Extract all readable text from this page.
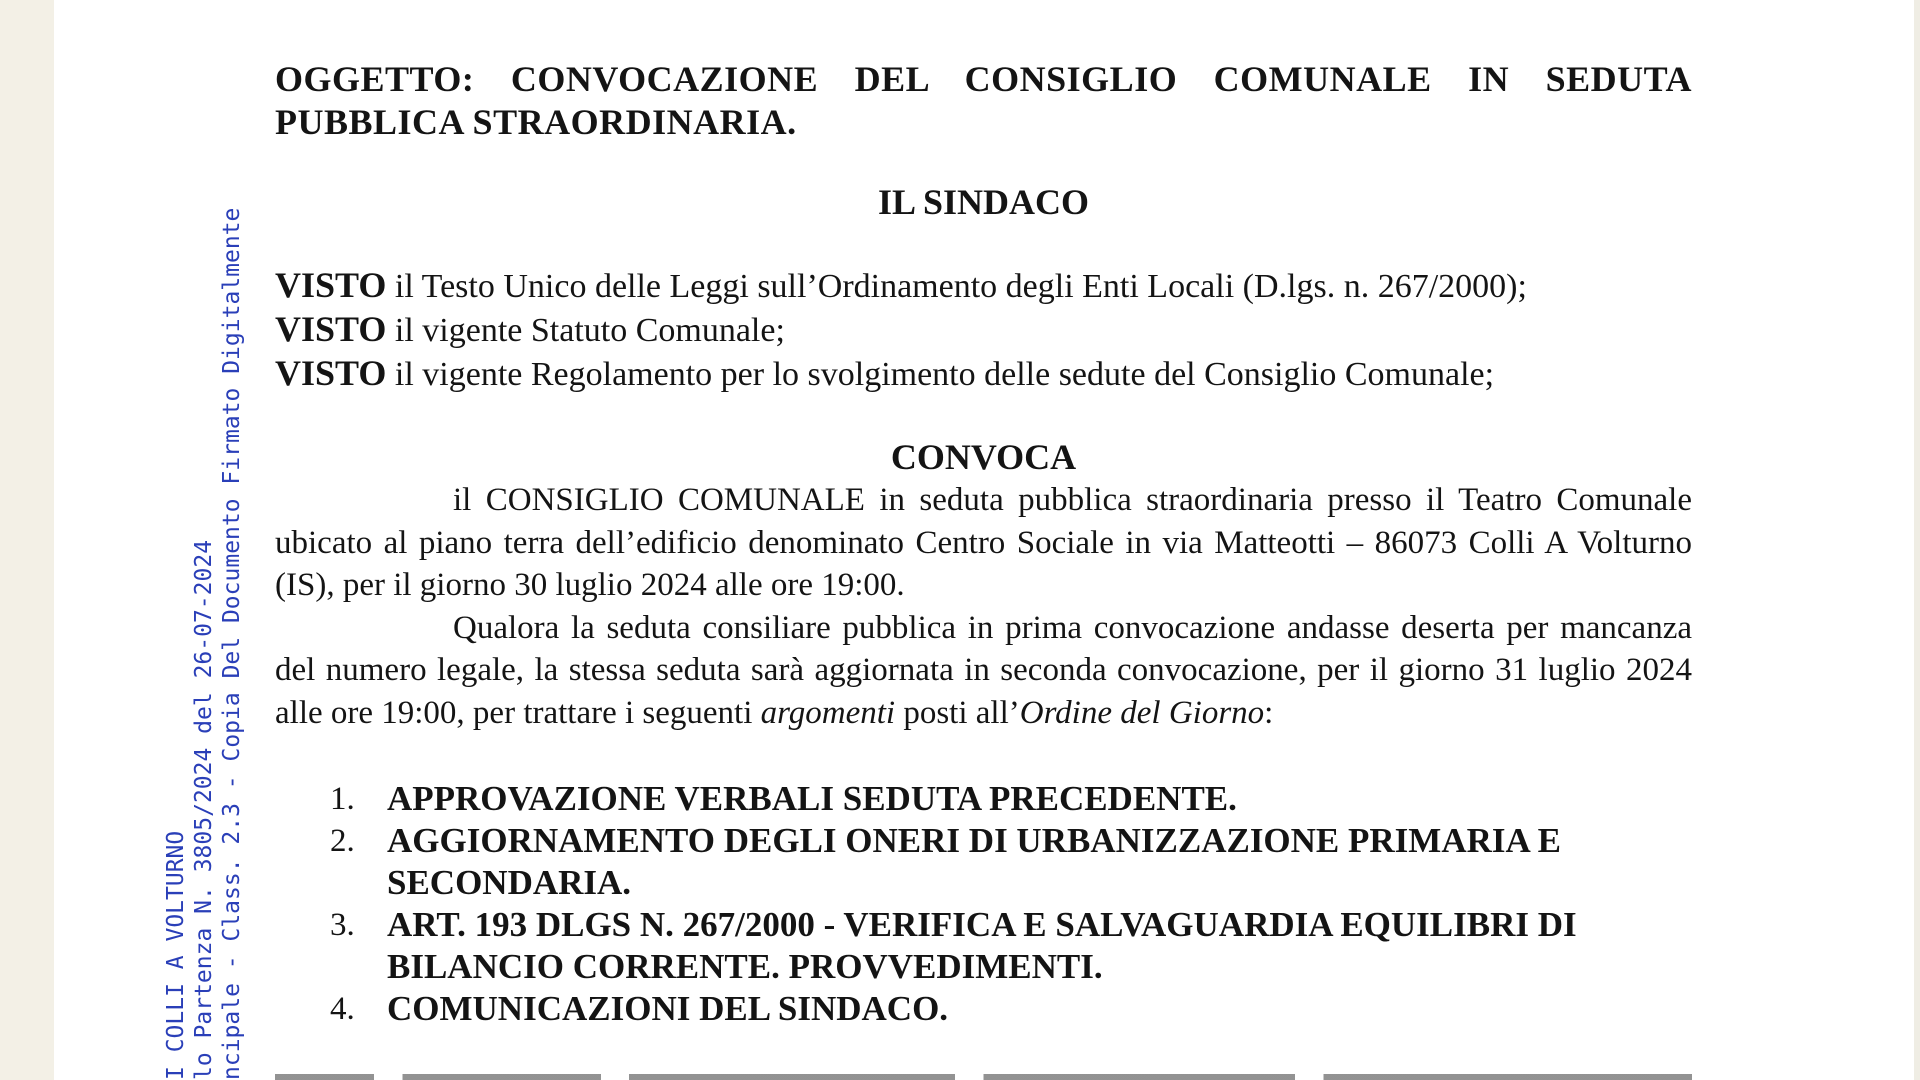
I COLLI A VOLTURNO lo Partenza N. 3805/2024 del 26-07-2024 ncipale - Class. 2.3 - Copia Del Documento Firmato Digitalmente
OGGETTO: CONVOCAZIONE DEL CONSIGLIO COMUNALE IN SEDUTA PUBBLICA STRAORDINARIA.
IL SINDACO
VISTO il Testo Unico delle Leggi sull’Ordinamento degli Enti Locali (D.lgs. n. 267/2000);
VISTO il vigente Statuto Comunale;
VISTO il vigente Regolamento per lo svolgimento delle sedute del Consiglio Comunale;
CONVOCA
il CONSIGLIO COMUNALE in seduta pubblica straordinaria presso il Teatro Comunale ubicato al piano terra dell’edificio denominato Centro Sociale in via Matteotti – 86073 Colli A Volturno (IS), per il giorno 30 luglio 2024 alle ore 19:00.
Qualora la seduta consiliare pubblica in prima convocazione andasse deserta per mancanza del numero legale, la stessa seduta sarà aggiornata in seconda convocazione, per il giorno 31 luglio 2024 alle ore 19:00, per trattare i seguenti argomenti posti all’Ordine del Giorno:
1. APPROVAZIONE VERBALI SEDUTA PRECEDENTE.
2. AGGIORNAMENTO DEGLI ONERI DI URBANIZZAZIONE PRIMARIA E SECONDARIA.
3. ART. 193 DLGS N. 267/2000 - VERIFICA E SALVAGUARDIA EQUILIBRI DI BILANCIO CORRENTE. PROVVEDIMENTI.
4. COMUNICAZIONI DEL SINDACO.
